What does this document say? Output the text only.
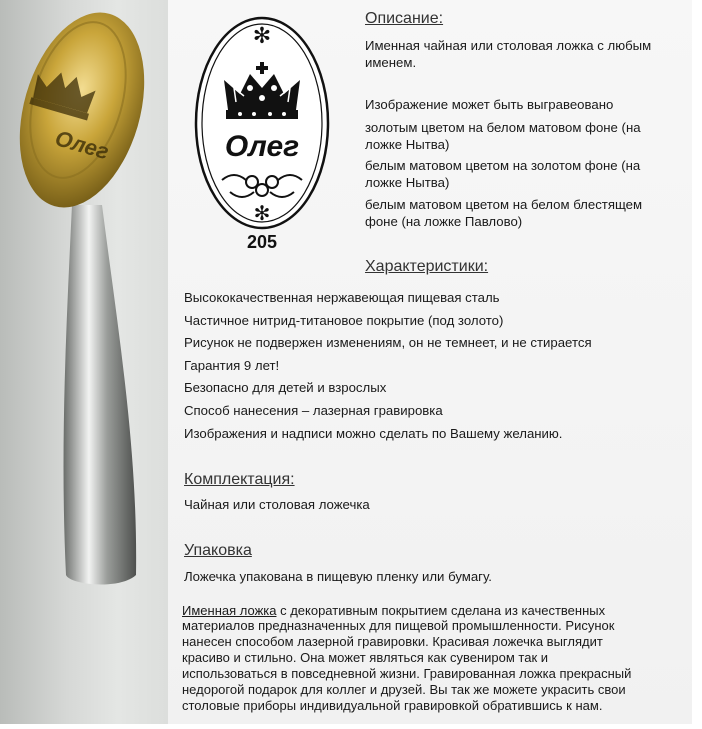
Олег
✻
Олег
✻
205
Описание:
Именная чайная или столовая ложка с любым
именем.
Изображение может быть выгравеовано
золотым цветом на белом матовом фоне (на
ложке Нытва)
белым матовом цветом на золотом фоне (на
ложке Нытва)
белым матовом цветом на белом блестящем
фоне (на ложке Павлово)
Характеристики:
Высококачественная нержавеющая пищевая сталь
Частичное нитрид-титановое покрытие (под золото)
Рисунок не подвержен изменениям, он не темнеет, и не стирается
Гарантия 9 лет!
Безопасно для детей и взрослых
Способ нанесения – лазерная гравировка
Изображения и надписи можно сделать по Вашему желанию.
Комплектация:
Чайная или столовая ложечка
Упаковка
Ложечка упакована в пищевую пленку или бумагу.
Именная ложка с декоративным покрытием сделана из качественных
материалов предназначенных для пищевой промышленности. Рисунок
нанесен способом лазерной гравировки. Красивая ложечка выглядит
красиво и стильно. Она может являться как сувениром так и
использоваться в повседневной жизни. Гравированная ложка прекрасный
недорогой подарок для коллег и друзей. Вы так же можете украсить свои
столовые приборы индивидуальной гравировкой обратившись к нам.
